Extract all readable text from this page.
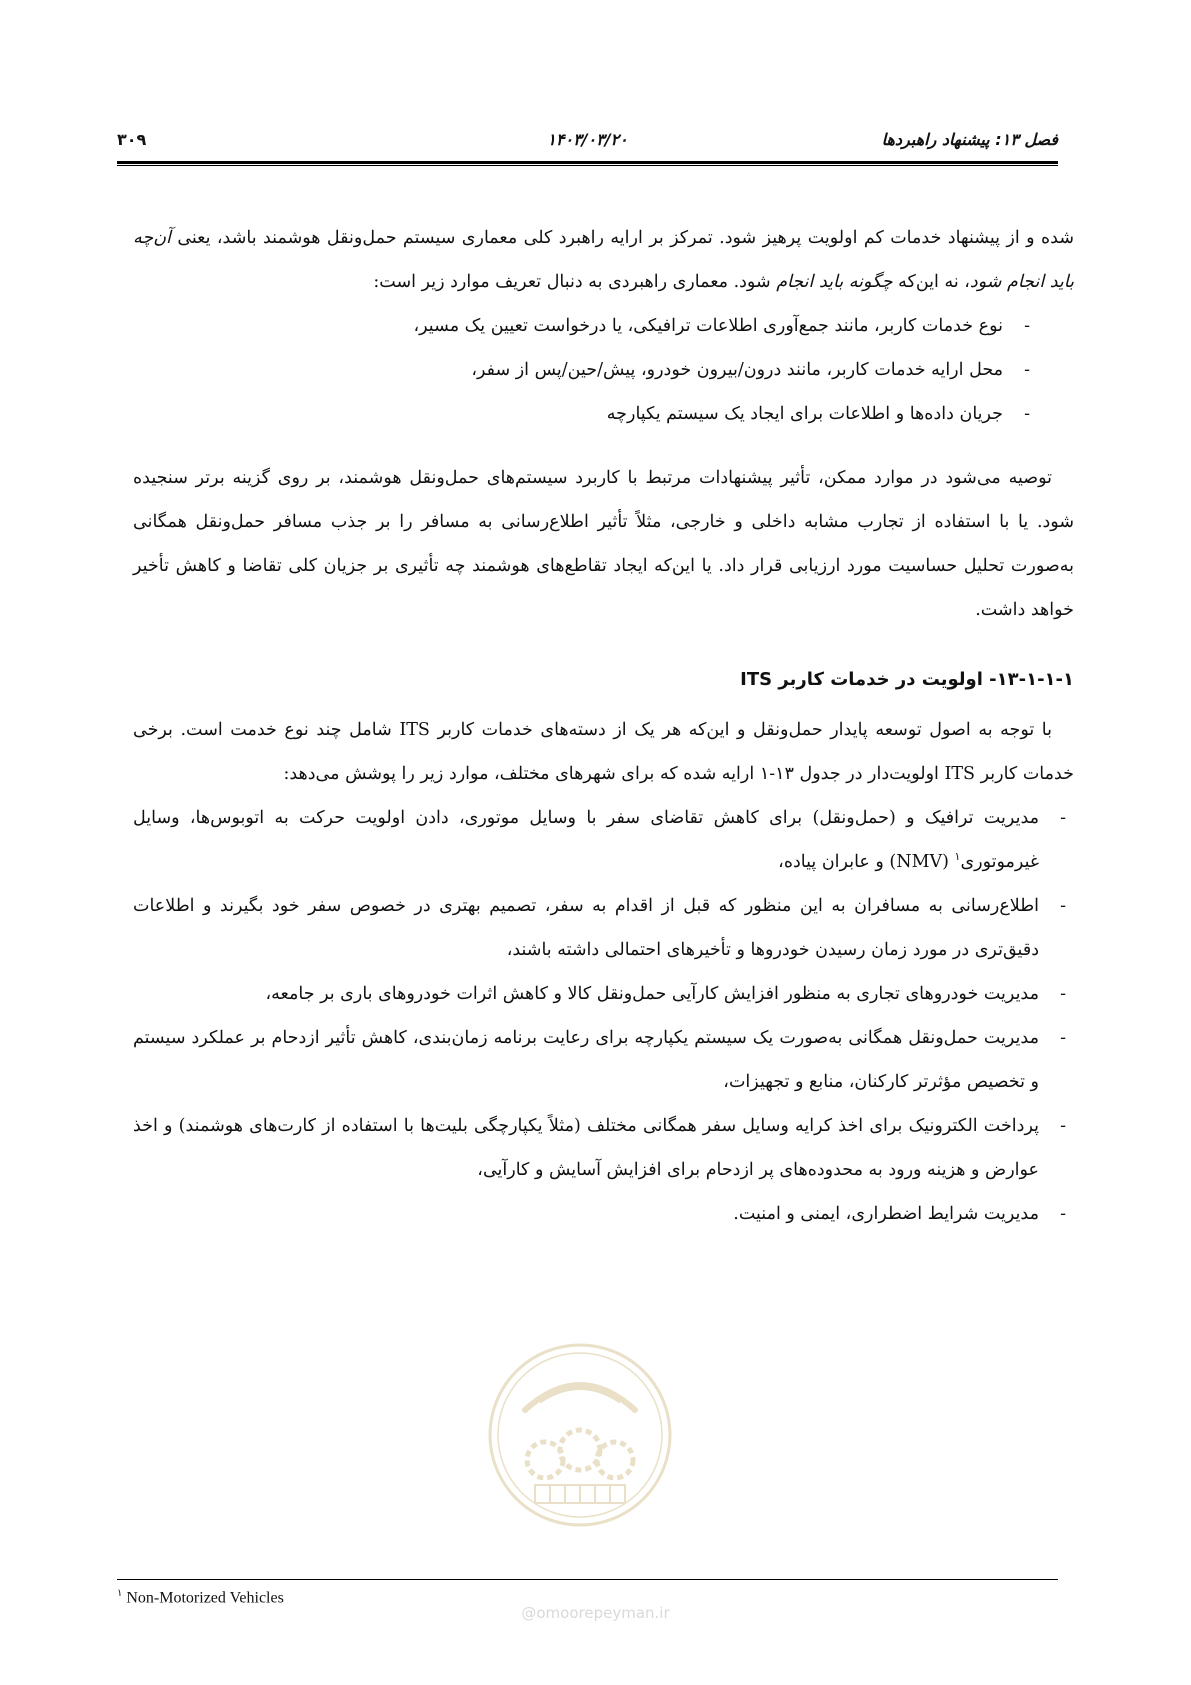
فصل ۱۳: پیشنهاد راهبردها
۱۴۰۳/۰۳/۲۰
۳۰۹

شده و از پیشنهاد خدمات کم اولویت پرهیز شود. تمرکز بر ارایه راهبرد کلی معماری سیستم حمل‌ونقل هوشمند باشد، یعنی آن‌چه باید انجام شود، نه این‌که چگونه باید انجام شود. معماری راهبردی به دنبال تعریف موارد زیر است:

- نوع خدمات کاربر، مانند جمع‌آوری اطلاعات ترافیکی، یا درخواست تعیین یک مسیر،
- محل ارایه خدمات کاربر، مانند درون/بیرون خودرو، پیش/حین/پس از سفر،
- جریان داده‌ها و اطلاعات برای ایجاد یک سیستم یکپارچه

توصیه می‌شود در موارد ممکن، تأثیر پیشنهادات مرتبط با کاربرد سیستم‌های حمل‌ونقل هوشمند، بر روی گزینه برتر سنجیده شود. یا با استفاده از تجارب مشابه داخلی و خارجی، مثلاً تأثیر اطلاع‌رسانی به مسافر را بر جذب مسافر حمل‌ونقل همگانی به‌صورت تحلیل حساسیت مورد ارزیابی قرار داد. یا این‌که ایجاد تقاطع‌های هوشمند چه تأثیری بر جزیان کلی تقاضا و کاهش تأخیر خواهد داشت.

۱۳-۱-۱-۱- اولویت در خدمات کاربر ITS

با توجه به اصول توسعه پایدار حمل‌ونقل و این‌که هر یک از دسته‌های خدمات کاربر ITS شامل چند نوع خدمت است. برخی خدمات کاربر ITS اولویت‌دار در جدول ۱۳-۱ ارایه شده که برای شهرهای مختلف، موارد زیر را پوشش می‌دهد:

- مدیریت ترافیک و (حمل‌ونقل) برای کاهش تقاضای سفر با وسایل موتوری، دادن اولویت حرکت به اتوبوس‌ها، وسایل غیرموتوری$^۱$ (NMV) و عابران پیاده،
- اطلاع‌رسانی به مسافران به این منظور که قبل از اقدام به سفر، تصمیم بهتری در خصوص سفر خود بگیرند و اطلاعات دقیق‌تری در مورد زمان رسیدن خودروها و تأخیرهای احتمالی داشته باشند،
- مدیریت خودروهای تجاری به منظور افزایش کارآیی حمل‌ونقل کالا و کاهش اثرات خودروهای باری بر جامعه،
- مدیریت حمل‌ونقل همگانی به‌صورت یک سیستم یکپارچه برای رعایت برنامه زمان‌بندی، کاهش تأثیر ازدحام بر عملکرد سیستم و تخصیص مؤثرتر کارکنان، منابع و تجهیزات،
- پرداخت الکترونیک برای اخذ کرایه وسایل سفر همگانی مختلف (مثلاً یکپارچگی بلیت‌ها با استفاده از کارت‌های هوشمند) و اخذ عوارض و هزینه ورود به محدوده‌های پر ازدحام برای افزایش آسایش و کارآیی،
- مدیریت شرایط اضطراری، ایمنی و امنیت.
@omoorepeyman.ir
$^۱$ Non-Motorized Vehicles
